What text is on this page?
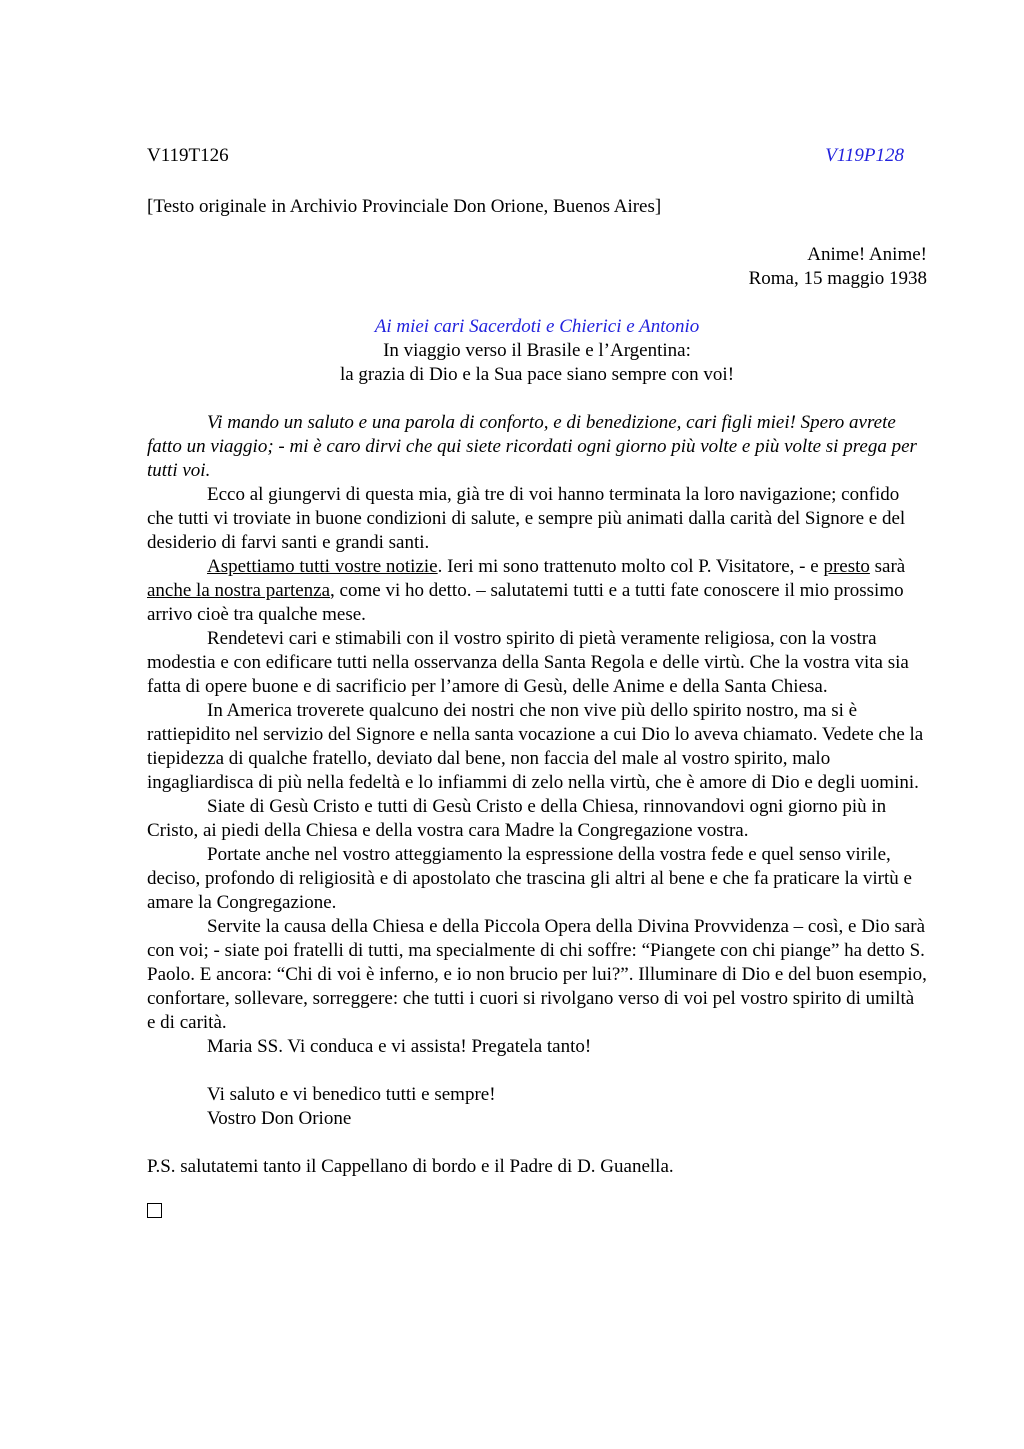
V119T126	V119P128
[Testo originale in Archivio Provinciale Don Orione, Buenos Aires]
Anime! Anime!
Roma, 15 maggio 1938
Ai miei cari Sacerdoti e Chierici e Antonio
In viaggio verso il Brasile e l’Argentina:
la grazia di Dio e la Sua pace siano sempre con voi!

Vi mando un saluto e una parola di conforto, e di benedizione, cari figli miei! Spero avrete fatto un viaggio; - mi è caro dirvi che qui siete ricordati ogni giorno più volte e più volte si prega per tutti voi.

Ecco al giungervi di questa mia, già tre di voi hanno terminata la loro navigazione; confido che tutti vi troviate in buone condizioni di salute, e sempre più animati dalla carità del Signore e del desiderio di farvi santi e grandi santi.

Aspettiamo tutti vostre notizie. Ieri mi sono trattenuto molto col P. Visitatore, - e presto sarà anche la nostra partenza, come vi ho detto. – salutatemi tutti e a tutti fate conoscere il mio prossimo arrivo cioè tra qualche mese.

Rendetevi cari e stimabili con il vostro spirito di pietà veramente religiosa, con la vostra modestia e con edificare tutti nella osservanza della Santa Regola e delle virtù. Che la vostra vita sia fatta di opere buone e di sacrificio per l’amore di Gesù, delle Anime e della Santa Chiesa.

In America troverete qualcuno dei nostri che non vive più dello spirito nostro, ma si è rattiepidito nel servizio del Signore e nella santa vocazione a cui Dio lo aveva chiamato. Vedete che la tiepidezza di qualche fratello, deviato dal bene, non faccia del male al vostro spirito, malo ingagliardisca di più nella fedeltà e lo infiammi di zelo nella virtù, che è amore di Dio e degli uomini.

Siate di Gesù Cristo e tutti di Gesù Cristo e della Chiesa, rinnovandovi ogni giorno più in Cristo, ai piedi della Chiesa e della vostra cara Madre la Congregazione vostra.

Portate anche nel vostro atteggiamento la espressione della vostra fede e quel senso virile, deciso, profondo di religiosità e di apostolato che trascina gli altri al bene e che fa praticare la virtù e amare la Congregazione.

Servite la causa della Chiesa e della Piccola Opera della Divina Provvidenza – così, e Dio sarà con voi; - siate poi fratelli di tutti, ma specialmente di chi soffre: “Piangete con chi piange” ha detto S. Paolo. E ancora: “Chi di voi è inferno, e io non brucio per lui?”. Illuminare di Dio e del buon esempio, confortare, sollevare, sorreggere: che tutti i cuori si rivolgano verso di voi pel vostro spirito di umiltà e di carità.

Maria SS. Vi conduca e vi assista! Pregatela tanto!

Vi saluto e vi benedico tutti e sempre!
Vostro Don Orione
P.S. salutatemi tanto il Cappellano di bordo e il Padre di D. Guanella.
